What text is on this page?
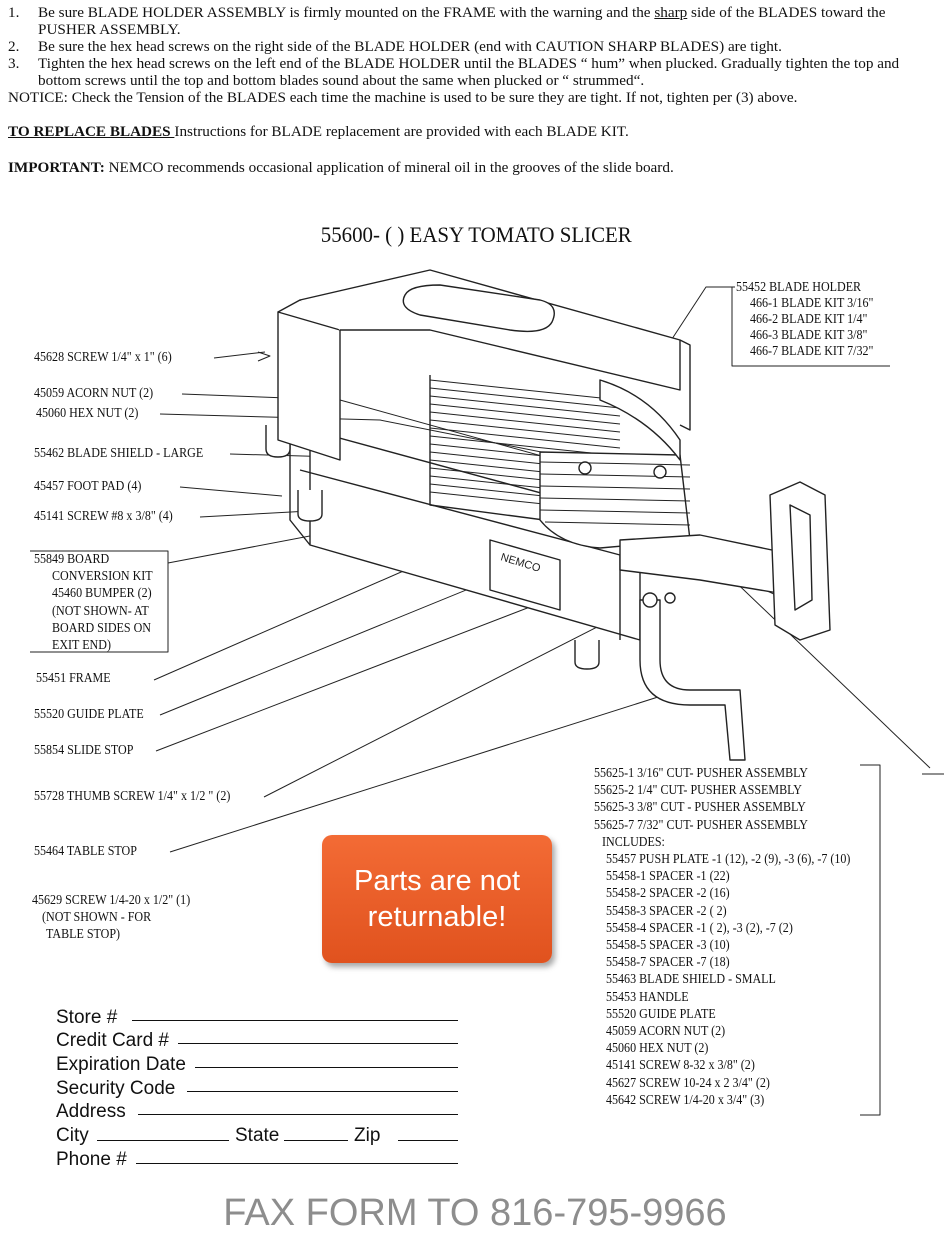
1. Be sure BLADE HOLDER ASSEMBLY is firmly mounted on the FRAME with the warning and the sharp side of the BLADES toward the PUSHER ASSEMBLY.
2. Be sure the hex head screws on the right side of the BLADE HOLDER (end with CAUTION SHARP BLADES) are tight.
3. Tighten the hex head screws on the left end of the BLADE HOLDER until the BLADES “ hum” when plucked. Gradually tighten the top and bottom screws until the top and bottom blades sound about the same when plucked or “ strummed“.
NOTICE: Check the Tension of the BLADES each time the machine is used to be sure they are tight. If not, tighten per (3) above.
TO REPLACE BLADES Instructions for BLADE replacement are provided with each BLADE KIT.
IMPORTANT: NEMCO recommends occasional application of mineral oil in the grooves of the slide board.
55600- ( ) EASY TOMATO SLICER
NEMCO
55452 BLADE HOLDER
466-1 BLADE KIT 3/16"
466-2 BLADE KIT 1/4"
466-3 BLADE KIT 3/8"
466-7 BLADE KIT 7/32"
45628 SCREW 1/4" x 1" (6)
45059 ACORN NUT (2)
45060 HEX NUT (2)
55462 BLADE SHIELD - LARGE
45457 FOOT PAD (4)
45141 SCREW #8 x 3/8" (4)
55849 BOARD
CONVERSION KIT
45460 BUMPER (2)
(NOT SHOWN- AT
BOARD SIDES ON
EXIT END)
55451 FRAME
55520 GUIDE PLATE
55854 SLIDE STOP
55728 THUMB SCREW 1/4" x 1/2 " (2)
55464 TABLE STOP
45629 SCREW 1/4-20 x 1/2" (1)
(NOT SHOWN - FOR
TABLE STOP)
55625-1 3/16" CUT- PUSHER ASSEMBLY
55625-2 1/4" CUT- PUSHER ASSEMBLY
55625-3 3/8" CUT - PUSHER ASSEMBLY
55625-7 7/32" CUT- PUSHER ASSEMBLY
INCLUDES:
55457 PUSH PLATE -1 (12), -2 (9), -3 (6), -7 (10)
55458-1 SPACER -1 (22)
55458-2 SPACER -2 (16)
55458-3 SPACER -2 ( 2)
55458-4 SPACER -1 ( 2), -3 (2), -7 (2)
55458-5 SPACER -3 (10)
55458-7 SPACER -7 (18)
55463 BLADE SHIELD - SMALL
55453 HANDLE
55520 GUIDE PLATE
45059 ACORN NUT (2)
45060 HEX NUT (2)
45141 SCREW 8-32 x 3/8" (2)
45627 SCREW 10-24 x 2 3/4" (2)
45642 SCREW 1/4-20 x 3/4" (3)
Parts are not
returnable!
Store #
Credit Card #
Expiration Date
Security Code
Address
City	State	Zip
Phone #
FAX FORM TO 816-795-9966
